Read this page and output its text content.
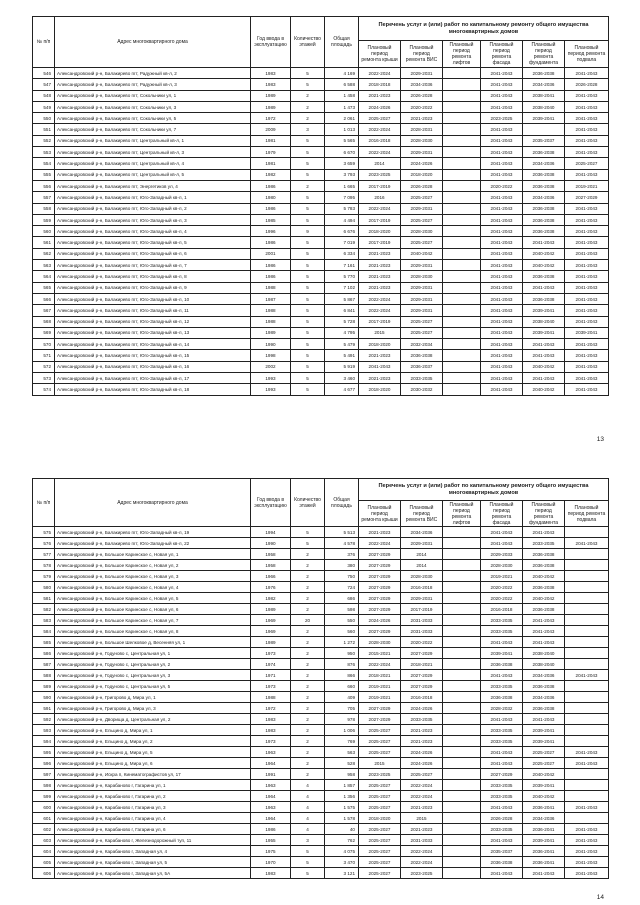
№ п/п	Адрес многоквартирного дома	Год ввода в эксплуатацию	Количество этажей	Общая площадь	Перечень услуг и (или) работ по капитальному ремонту общего имущества многоквартирных домов					
					Плановый период ремонта крыши	Плановый период ремонта ВИС	Плановый период ремонта лифтов	Плановый период ремонта фасада	Плановый период ремонта фундамента	Плановый период ремонта подвала
546	Александровский р-н, Балакирево пгт, Радужный кв-л, 2	1983	5	4 169	2022-2024	2029-2031		2041-2043	2036-2038	2041-2043
547	Александровский р-н, Балакирево пгт, Радужный кв-л, 3	1983	5	6 588	2018-2018	2034-2036		2041-2043	2034-2036	2026-2028
548	Александровский р-н, Балакирево пгт, Сокольники ул, 1	1989	2	1 458	2021-2023	2026-2028		2041-2043	2038-2041	2041-2043
549	Александровский р-н, Балакирево пгт, Сокольники ул, 3	1989	2	1 473	2024-2026	2020-2022		2041-2043	2038-2040	2041-2043
550	Александровский р-н, Балакирево пгт, Сокольники ул, 5	1972	2	2 061	2025-2027	2021-2023		2023-2025	2039-2041	2041-2043
551	Александровский р-н, Балакирево пгт, Сокольники ул, 7	2009	3	1 013	2022-2024	2028-2031		2041-2043		2041-2043
552	Александровский р-н, Балакирево пгт, Центральный кв-л, 1	1981	5	5 565	2016-2018	2028-2030		2041-2043	2035-2037	2041-2043
553	Александровский р-н, Балакирево пгт, Центральный кв-л, 3	1979	5	6 670	2022-2024	2029-2031		2041-2043	2036-2038	2041-2043
554	Александровский р-н, Балакирево пгт, Центральный кв-л, 4	1981	5	3 659	2014	2024-2026		2041-2043	2034-2036	2025-2027
555	Александровский р-н, Балакирево пгт, Центральный кв-л, 5	1982	5	3 793	2023-2025	2018-2020		2041-2043	2036-2038	2041-2043
556	Александровский р-н, Балакирево пгт, Энергетиков ул, 4	1986	2	1 665	2017-2019	2026-2028		2020-2022	2036-2038	2019-2021
557	Александровский р-н, Балакирево пгт, Юго-Западный кв-л, 1	1980	5	7 095	2016	2025-2027		2041-2043	2034-2036	2027-2029
558	Александровский р-н, Балакирево пгт, Юго-Западный кв-л, 2	1986	5	5 783	2022-2024	2029-2031		2041-2043	2036-2038	2041-2043
559	Александровский р-н, Балакирево пгт, Юго-Западный кв-л, 3	1985	5	4 494	2017-2019	2025-2027		2041-2043	2036-2038	2041-2043
560	Александровский р-н, Балакирево пгт, Юго-Западный кв-л, 4	1996	9	6 676	2018-2020	2028-2030		2041-2043	2036-2038	2041-2043
561	Александровский р-н, Балакирево пгт, Юго-Западный кв-л, 5	1986	5	7 019	2017-2019	2025-2027		2041-2043	2041-2043	2041-2043
562	Александровский р-н, Балакирево пгт, Юго-Западный кв-л, 6	2001	5	6 334	2021-2023	2040-2042		2041-2043	2040-2042	2041-2043
563	Александровский р-н, Балакирево пгт, Юго-Западный кв-л, 7	1986	5	7 161	2021-2023	2029-2031		2041-2043	2040-2042	2041-2043
564	Александровский р-н, Балакирево пгт, Юго-Западный кв-л, 8	1986	5	5 770	2021-2023	2028-2030		2041-2043	2036-2038	2041-2043
565	Александровский р-н, Балакирево пгт, Юго-Западный кв-л, 9	1988	5	7 102	2021-2023	2029-2031		2041-2043	2041-2043	2041-2043
566	Александровский р-н, Балакирево пгт, Юго-Западный кв-л, 10	1987	5	5 867	2022-2024	2029-2031		2041-2043	2036-2038	2041-2043
567	Александровский р-н, Балакирево пгт, Юго-Западный кв-л, 11	1988	5	6 841	2022-2024	2029-2031		2041-2043	2039-2041	2041-2043
568	Александровский р-н, Балакирево пгт, Юго-Западный кв-л, 12	1988	5	5 728	2017-2019	2025-2027		2041-2043	2038-2040	2041-2043
569	Александровский р-н, Балакирево пгт, Юго-Западный кв-л, 13	1989	5	4 795	2015	2025-2027		2041-2043	2039-2041	2039-2041
570	Александровский р-н, Балакирево пгт, Юго-Западный кв-л, 14	1990	5	5 479	2018-2020	2032-2034		2041-2043	2041-2043	2041-2043
571	Александровский р-н, Балакирево пгт, Юго-Западный кв-л, 15	1998	5	5 491	2021-2023	2036-2038		2041-2043	2041-2043	2041-2043
572	Александровский р-н, Балакирево пгт, Юго-Западный кв-л, 16	2002	5	5 919	2041-2043	2036-2037		2041-2043	2040-2042	2041-2043
573	Александровский р-н, Балакирево пгт, Юго-Западный кв-л, 17	1993	5	3 460	2021-2023	2033-2035		2041-2043	2041-2043	2041-2043
574	Александровский р-н, Балакирево пгт, Юго-Западный кв-л, 18	1993	5	4 677	2018-2020	2030-2032		2041-2043	2040-2042	2041-2043
13
№ п/п	Адрес многоквартирного дома	Год ввода в эксплуатацию	Количество этажей	Общая площадь	Перечень услуг и (или) работ по капитальному ремонту общего имущества многоквартирных домов					
					Плановый период ремонта крыши	Плановый период ремонта ВИС	Плановый период ремонта лифтов	Плановый период ремонта фасада	Плановый период ремонта фундамента	Плановый период ремонта подвала
575	Александровский р-н, Балакирево пгт, Юго-Западный кв-л, 19	1994	5	5 513	2021-2023	2034-2036		2041-2043	2041-2043	
576	Александровский р-н, Балакирево пгт, Юго-Западный кв-л, 22	1990	5	4 578	2022-2024	2029-2031		2041-2043	2033-2035	2041-2043
577	Александровский р-н, Большое Каринское с, Новая ул, 1	1958	2	376	2027-2029	2014		2029-2033	2036-2038	
578	Александровский р-н, Большое Каринское с, Новая ул, 2	1958	2	380	2027-2029	2014		2028-2030	2036-2038	
579	Александровский р-н, Большое Каринское с, Новая ул, 3	1966	2	750	2027-2029	2028-2030		2019-2021	2040-2042	
580	Александровский р-н, Большое Каринское с, Новая ул, 4	1976	2	724	2027-2029	2016-2018		2020-2022	2036-2038	
581	Александровский р-н, Большое Каринское с, Новая ул, 5	1982	2	686	2027-2029	2029-2031		2020-2022	2040-2042	
582	Александровский р-н, Большое Каринское с, Новая ул, 6	1989	2	598	2027-2029	2017-2019		2016-2018	2036-2038	
583	Александровский р-н, Большое Каринское с, Новая ул, 7	1969	20	550	2024-2026	2031-2033		2033-2035	2041-2043	
584	Александровский р-н, Большое Каринское с, Новая ул, 8	1969	2	560	2027-2029	2031-2033		2033-2035	2041-2043	
585	Александровский р-н, Большое Шелковое д, Весенняя ул, 1	1989	2	1 272	2028-2030	2020-2022		2041-2043	2041-2043	
586	Александровский р-н, Годуново с, Центральная ул, 1	1973	2	950	2015-2021	2027-2029		2039-2041	2038-2040	
587	Александровский р-н, Годуново с, Центральная ул, 2	1974	2	876	2022-2024	2018-2021		2036-2038	2038-2040	
588	Александровский р-н, Годуново с, Центральная ул, 3	1971	2	866	2018-2021	2027-2029		2041-2043	2034-2036	2041-2043
589	Александровский р-н, Годуново с, Центральная ул, 5	1973	2	660	2019-2021	2027-2029		2033-2035	2036-2038	
590	Александровский р-н, Григорово д, Мира ул, 1	1988	2	409	2019-2021	2016-2018		2036-2038	2034-2036	
591	Александровский р-н, Григорово д, Мира ул, 3	1972	2	705	2027-2029	2024-2026		2028-2032	2036-2038	
592	Александровский р-н, Дворища д, Центральная ул, 2	1983	2	978	2027-2029	2033-2035		2041-2043	2041-2043	
593	Александровский р-н, Ельцино д, Мира ул, 1	1983	2	1 006	2025-2027	2021-2023		2033-2035	2039-2041	
594	Александровский р-н, Ельцино д, Мира ул, 2	1973	2	769	2025-2027	2021-2023		2033-2035	2039-2041	
595	Александровский р-н, Ельцино д, Мира ул, 5	1963	2	563	2025-2027	2024-2026		2041-2043	2025-2027	2041-2043
596	Александровский р-н, Ельцино д, Мира ул, 6	1964	2	528	2015	2024-2026		2041-2043	2025-2027	2041-2043
597	Александровский р-н, Искра п, Кинематографистов ул, 17	1991	2	958	2023-2025	2025-2027		2027-2029	2040-2042	
598	Александровский р-н, Карабаново г, Гагарина ул, 1	1963	4	1 857	2025-2027	2022-2024		2033-2035	2039-2041	
599	Александровский р-н, Карабаново г, Гагарина ул, 2	1964	4	1 356	2025-2027	2022-2024		2033-2035	2040-2042	
600	Александровский р-н, Карабаново г, Гагарина ул, 3	1963	4	1 575	2025-2027	2021-2023		2041-2043	2036-2041	2041-2043
601	Александровский р-н, Карабаново г, Гагарина ул, 4	1964	4	1 578	2018-2020	2015		2026-2028	2034-2036	
602	Александровский р-н, Карабаново г, Гагарина ул, 6	1986	4	40	2025-2027	2021-2023		2033-2035	2036-2041	2041-2043
603	Александровский р-н, Карабаново г, Железнодорожный туп, 11	1955	3	762	2025-2027	2031-2033		2041-2043	2039-2041	2041-2043
604	Александровский р-н, Карабаново г, Западная ул, 4	1975	5	4 075	2025-2027	2022-2024		2035-2037	2036-2041	2041-2043
605	Александровский р-н, Карабаново г, Западная ул, 5	1970	5	3 470	2025-2027	2022-2024		2036-2038	2036-2041	2041-2043
606	Александровский р-н, Карабаново г, Западная ул, 5А	1983	5	3 121	2025-2027	2023-2025		2041-2043	2041-2043	2041-2043
14
